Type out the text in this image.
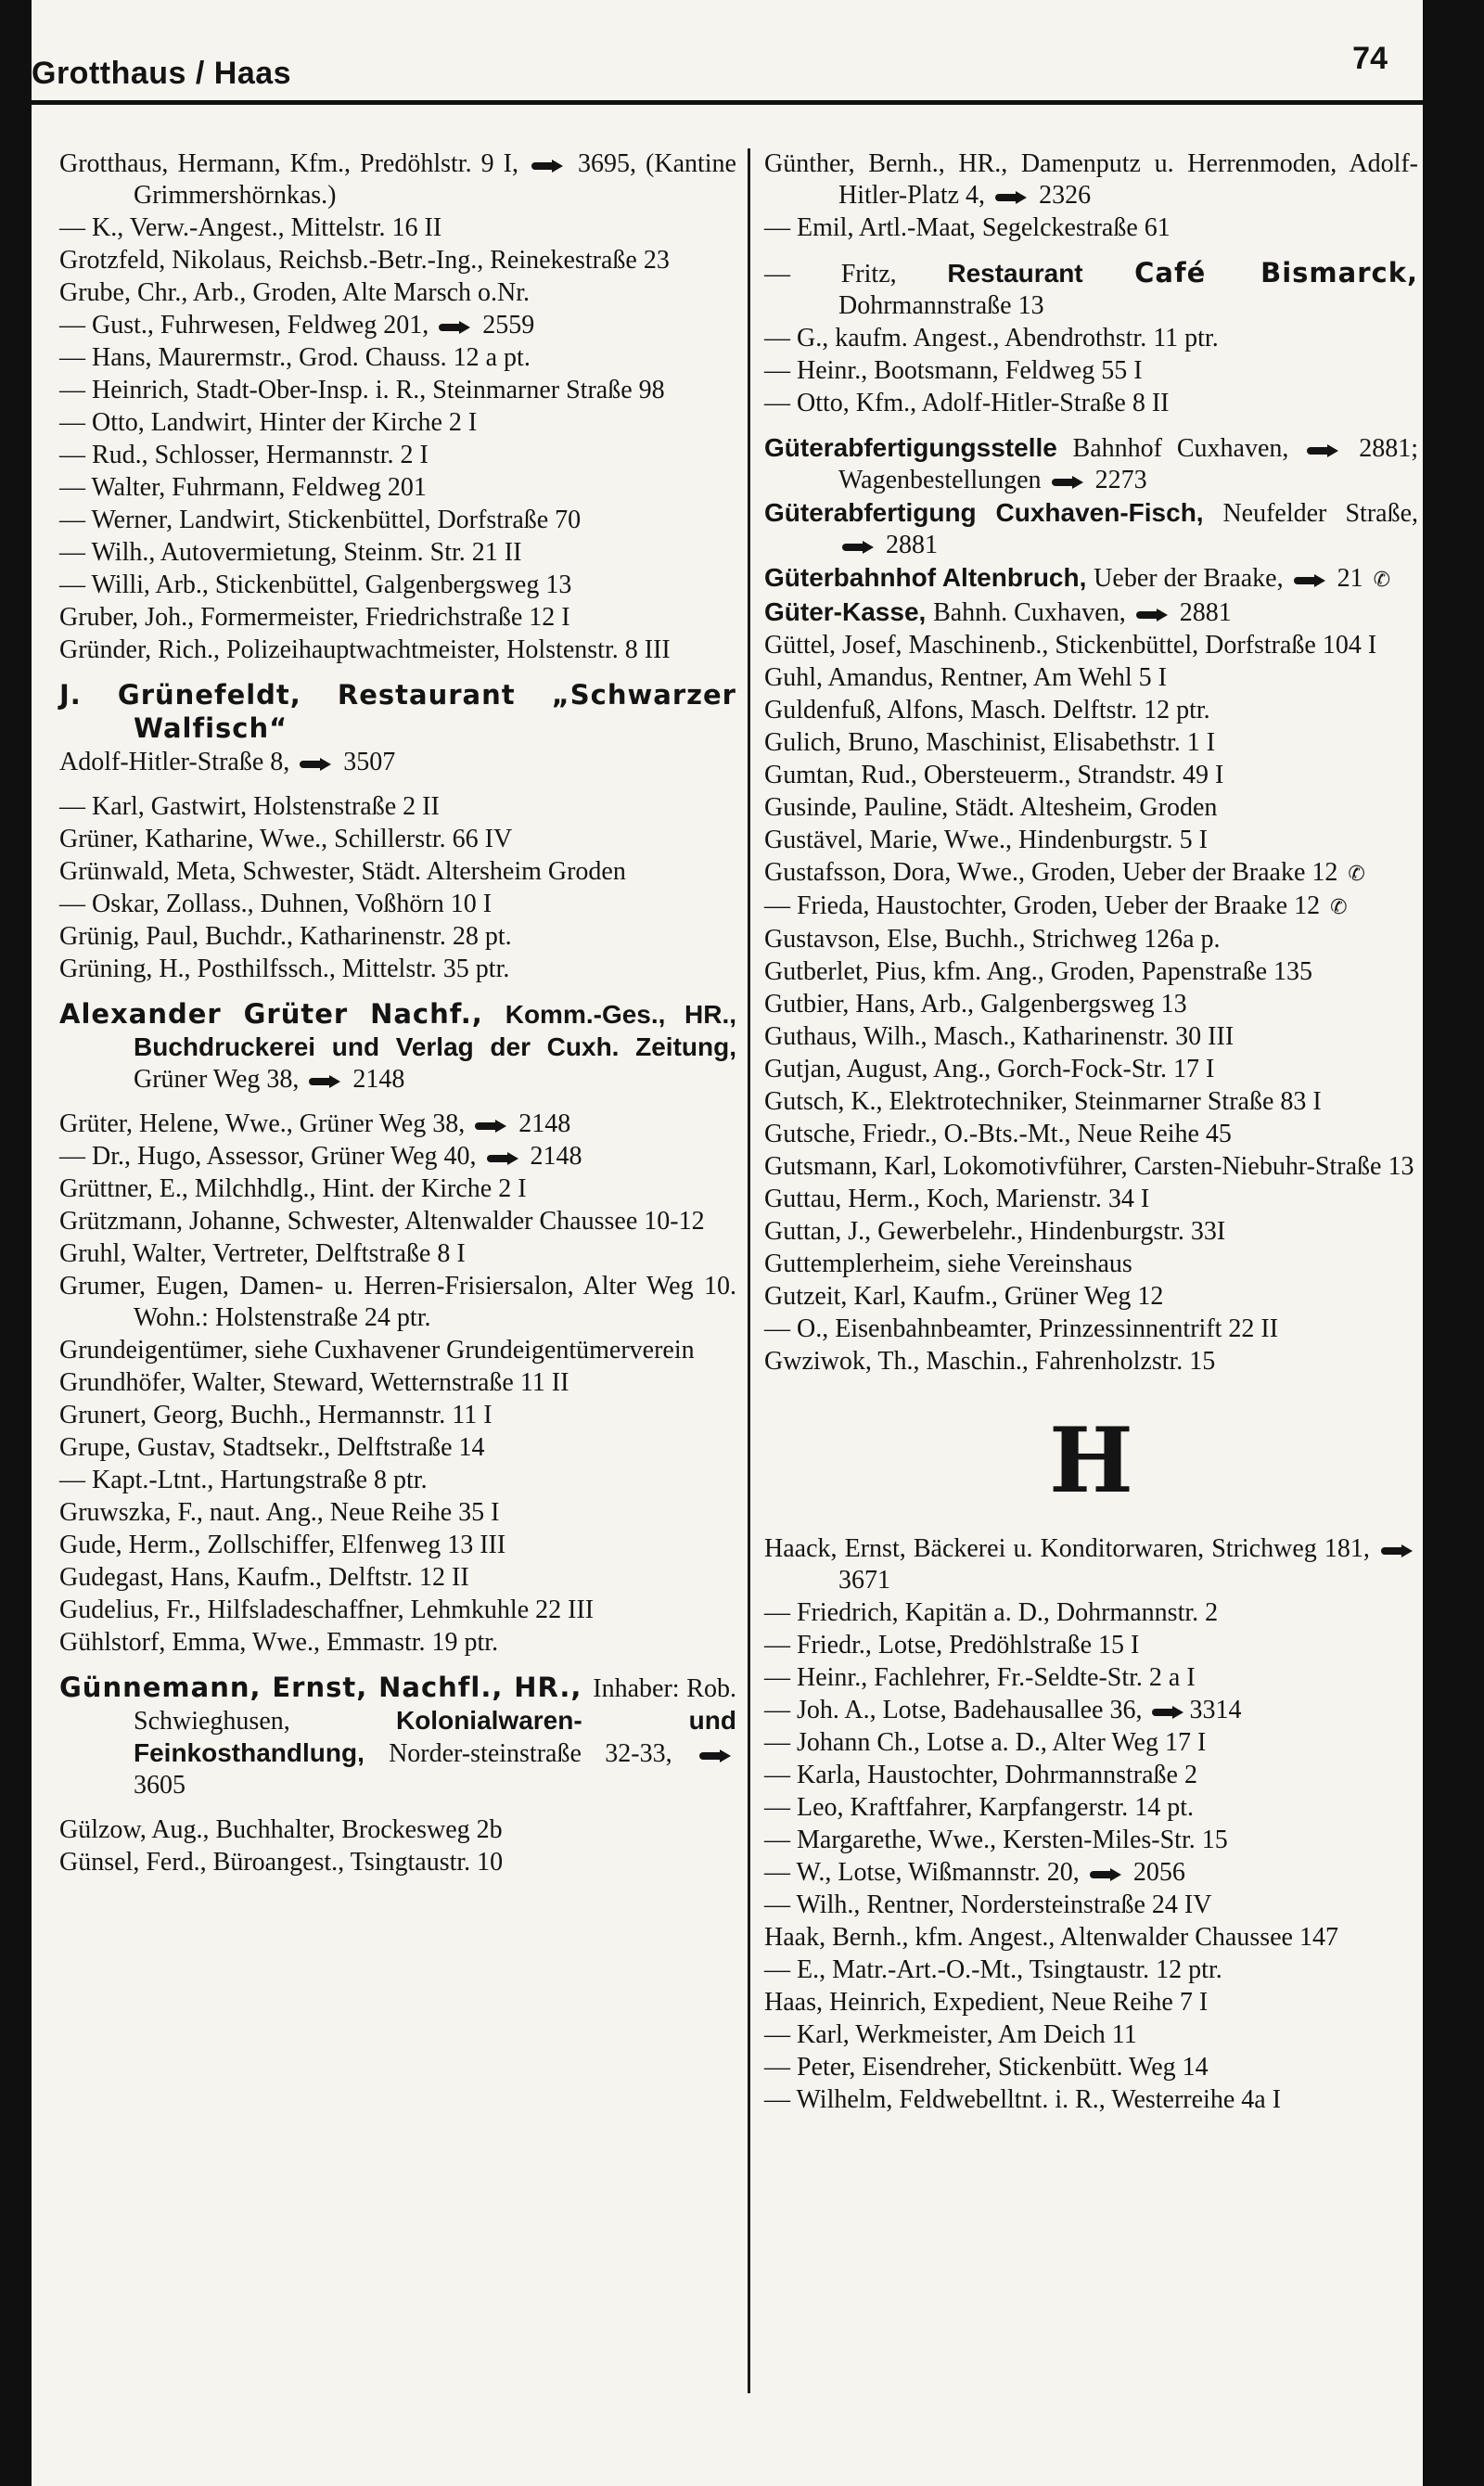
Grotthaus / Haas	74
Grotthaus, Hermann, Kfm., Predöhlstr. 9 I,  3695, (Kantine Grimmershörnkas.)
— K., Verw.-Angest., Mittelstr. 16 II
Grotzfeld, Nikolaus, Reichsb.-Betr.-Ing., Reinekestraße 23
Grube, Chr., Arb., Groden, Alte Marsch o.Nr.
— Gust., Fuhrwesen, Feldweg 201,  2559
— Hans, Maurermstr., Grod. Chauss. 12 a pt.
— Heinrich, Stadt-Ober-Insp. i. R., Steinmarner Straße 98
— Otto, Landwirt, Hinter der Kirche 2 I
— Rud., Schlosser, Hermannstr. 2 I
— Walter, Fuhrmann, Feldweg 201
— Werner, Landwirt, Stickenbüttel, Dorfstraße 70
— Wilh., Autovermietung, Steinm. Str. 21 II
— Willi, Arb., Stickenbüttel, Galgenbergsweg 13
Gruber, Joh., Formermeister, Friedrichstraße 12 I
Gründer, Rich., Polizeihauptwachtmeister, Holstenstr. 8 III
J. Grünefeldt, Restaurant „Schwarzer Walfisch“
Adolf-Hitler-Straße 8,  3507
— Karl, Gastwirt, Holstenstraße 2 II
Grüner, Katharine, Wwe., Schillerstr. 66 IV
Grünwald, Meta, Schwester, Städt. Altersheim Groden
— Oskar, Zollass., Duhnen, Voßhörn 10 I
Grünig, Paul, Buchdr., Katharinenstr. 28 pt.
Grüning, H., Posthilfssch., Mittelstr. 35 ptr.
Alexander Grüter Nachf., Komm.-Ges., HR., Buchdruckerei und Verlag der Cuxh. Zeitung, Grüner Weg 38,  2148
Grüter, Helene, Wwe., Grüner Weg 38,  2148
— Dr., Hugo, Assessor, Grüner Weg 40,  2148
Grüttner, E., Milchhdlg., Hint. der Kirche 2 I
Grützmann, Johanne, Schwester, Altenwalder Chaussee 10-12
Gruhl, Walter, Vertreter, Delftstraße 8 I
Grumer, Eugen, Damen- u. Herren-Frisiersalon, Alter Weg 10. Wohn.: Holstenstraße 24 ptr.
Grundeigentümer, siehe Cuxhavener Grundeigentümerverein
Grundhöfer, Walter, Steward, Wetternstraße 11 II
Grunert, Georg, Buchh., Hermannstr. 11 I
Grupe, Gustav, Stadtsekr., Delftstraße 14
— Kapt.-Ltnt., Hartungstraße 8 ptr.
Gruwszka, F., naut. Ang., Neue Reihe 35 I
Gude, Herm., Zollschiffer, Elfenweg 13 III
Gudegast, Hans, Kaufm., Delftstr. 12 II
Gudelius, Fr., Hilfsladeschaffner, Lehmkuhle 22 III
Gühlstorf, Emma, Wwe., Emmastr. 19 ptr.
Günnemann, Ernst, Nachfl., HR., Inhaber: Rob. Schwieghusen, Kolonialwaren- und Feinkosthandlung, Norder-steinstraße 32-33,  3605
Gülzow, Aug., Buchhalter, Brockesweg 2b
Günsel, Ferd., Büroangest., Tsingtaustr. 10
Günther, Bernh., HR., Damenputz u. Herrenmoden, Adolf-Hitler-Platz 4,  2326
— Emil, Artl.-Maat, Segelckestraße 61
— Fritz, Restaurant Café Bismarck, Dohrmannstraße 13
— G., kaufm. Angest., Abendrothstr. 11 ptr.
— Heinr., Bootsmann, Feldweg 55 I
— Otto, Kfm., Adolf-Hitler-Straße 8 II
Güterabfertigungsstelle Bahnhof Cuxhaven,  2881; Wagenbestellungen  2273
Güterabfertigung Cuxhaven-Fisch, Neufelder Straße,  2881
Güterbahnhof Altenbruch, Ueber der Braake,  21 ✆
Güter-Kasse, Bahnh. Cuxhaven,  2881
Güttel, Josef, Maschinenb., Stickenbüttel, Dorfstraße 104 I
Guhl, Amandus, Rentner, Am Wehl 5 I
Guldenfuß, Alfons, Masch. Delftstr. 12 ptr.
Gulich, Bruno, Maschinist, Elisabethstr. 1 I
Gumtan, Rud., Obersteuerm., Strandstr. 49 I
Gusinde, Pauline, Städt. Altesheim, Groden
Gustävel, Marie, Wwe., Hindenburgstr. 5 I
Gustafsson, Dora, Wwe., Groden, Ueber der Braake 12 ✆
— Frieda, Haustochter, Groden, Ueber der Braake 12 ✆
Gustavson, Else, Buchh., Strichweg 126a p.
Gutberlet, Pius, kfm. Ang., Groden, Papenstraße 135
Gutbier, Hans, Arb., Galgenbergsweg 13
Guthaus, Wilh., Masch., Katharinenstr. 30 III
Gutjan, August, Ang., Gorch-Fock-Str. 17 I
Gutsch, K., Elektrotechniker, Steinmarner Straße 83 I
Gutsche, Friedr., O.-Bts.-Mt., Neue Reihe 45
Gutsmann, Karl, Lokomotivführer, Carsten-Niebuhr-Straße 13
Guttau, Herm., Koch, Marienstr. 34 I
Guttan, J., Gewerbelehr., Hindenburgstr. 33I
Guttemplerheim, siehe Vereinshaus
Gutzeit, Karl, Kaufm., Grüner Weg 12
— O., Eisenbahnbeamter, Prinzessinnentrift 22 II
Gwziwok, Th., Maschin., Fahrenholzstr. 15
H
Haack, Ernst, Bäckerei u. Konditorwaren, Strichweg 181,  3671
— Friedrich, Kapitän a. D., Dohrmannstr. 2
— Friedr., Lotse, Predöhlstraße 15 I
— Heinr., Fachlehrer, Fr.-Seldte-Str. 2 a I
— Joh. A., Lotse, Badehausallee 36, 3314
— Johann Ch., Lotse a. D., Alter Weg 17 I
— Karla, Haustochter, Dohrmannstraße 2
— Leo, Kraftfahrer, Karpfangerstr. 14 pt.
— Margarethe, Wwe., Kersten-Miles-Str. 15
— W., Lotse, Wißmannstr. 20,  2056
— Wilh., Rentner, Nordersteinstraße 24 IV
Haak, Bernh., kfm. Angest., Altenwalder Chaussee 147
— E., Matr.-Art.-O.-Mt., Tsingtaustr. 12 ptr.
Haas, Heinrich, Expedient, Neue Reihe 7 I
— Karl, Werkmeister, Am Deich 11
— Peter, Eisendreher, Stickenbütt. Weg 14
— Wilhelm, Feldwebelltnt. i. R., Westerreihe 4a I
